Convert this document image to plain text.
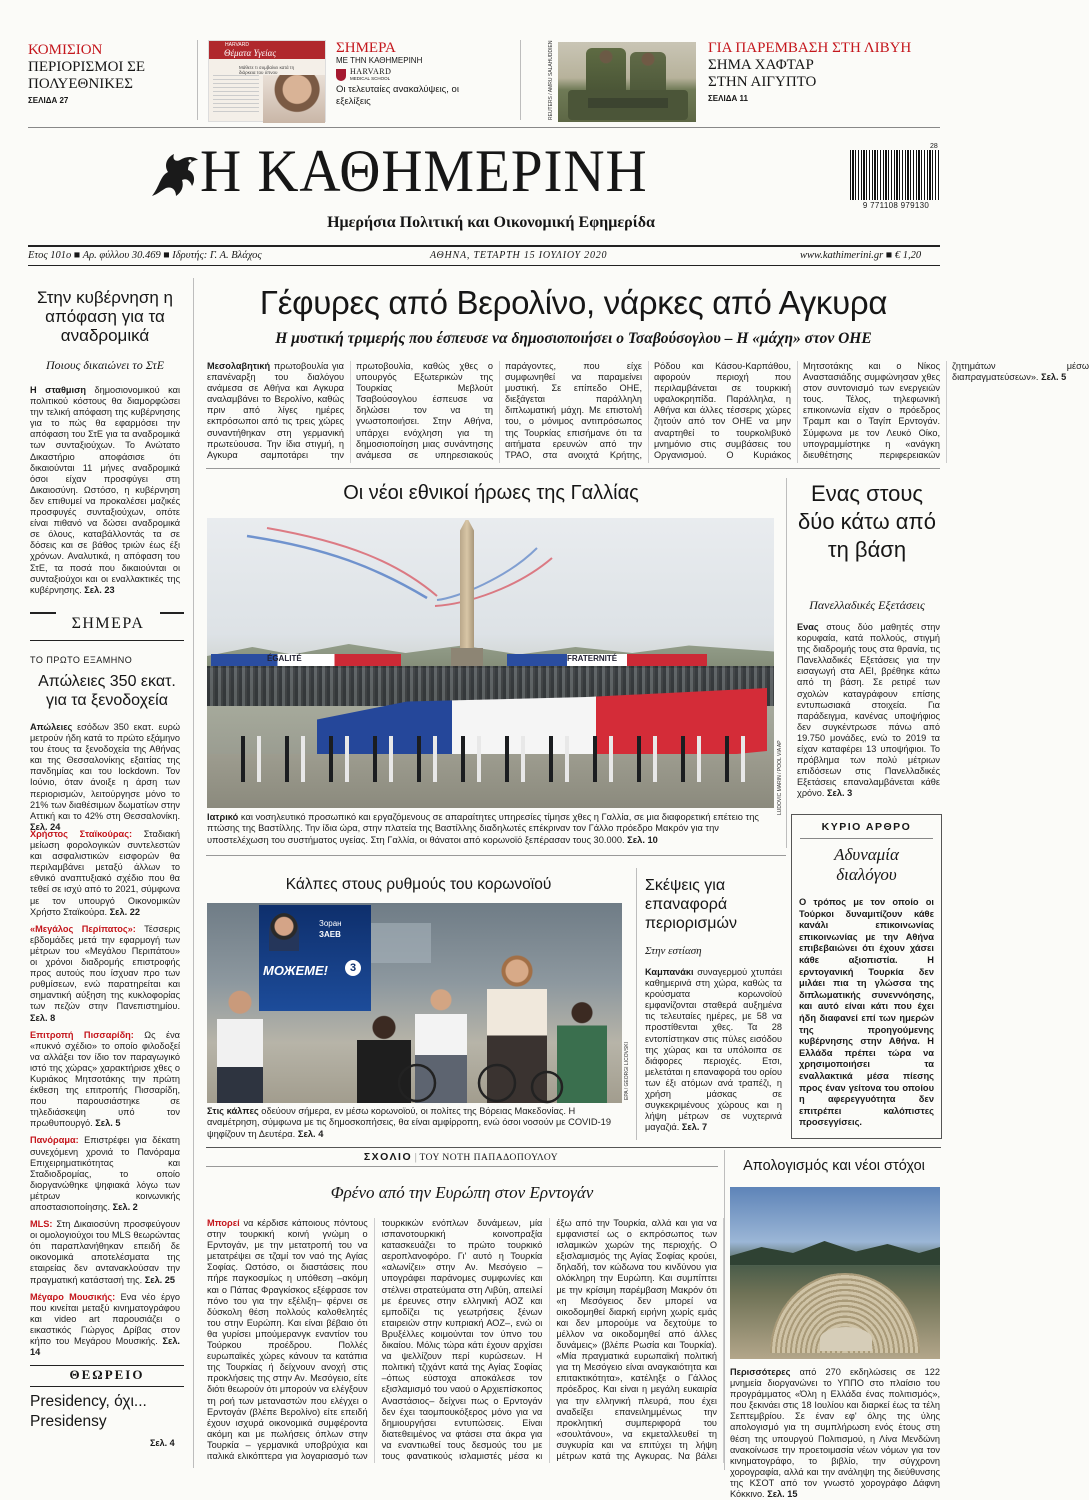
ΚΟΜΙΣΙΟΝ
ΠΕΡΙΟΡΙΣΜΟΙ ΣΕ ΠΟΛΥΕΘΝΙΚΕΣ
ΣΕΛΙΔΑ 27
HARVARD
Θέματα Υγείας
Μάθετε τι συμβαίνει κατά τη διάρκεια του ύπνου
ΣΗΜΕΡΑ
ΜΕ ΤΗΝ ΚΑΘΗΜΕΡΙΝΗ
HARVARD
MEDICAL SCHOOL
Οι τελευταίες ανακαλύψεις, οι εξελίξεις	REUTERS / AMRU SALAHUDDIEN	ΓΙΑ ΠΑΡΕΜΒΑΣΗ ΣΤΗ ΛΙΒΥΗ
ΣΗΜΑ ΧΑΦΤΑΡ ΣΤΗΝ ΑΙΓΥΠΤΟ
ΣΕΛΙΔΑ 11
Η ΚΑΘΗΜΕΡΙΝΗ
Ημερήσια Πολιτική και Οικονομική Εφημερίδα
28
9 771108 979130
Ετος 101ο ■ Αρ. φύλλου 30.469 ■ Ιδρυτής: Γ. Α. Βλάχος	ΑΘΗΝΑ, ΤΕΤΑΡΤΗ 15 ΙΟΥΛΙΟΥ 2020	www.kathimerini.gr ■ € 1,20
Στην κυβέρνηση η απόφαση για τα αναδρομικά
Ποιους δικαιώνει το ΣτΕ
Η σταθμιση δημοσιονομικού και πολιτικού κόστους θα διαμορφώσει την τελική απόφαση της κυβέρνησης για το πώς θα εφαρμόσει την απόφαση του ΣτΕ για τα αναδρομικά των συνταξιούχων. Το Ανώτατο Δικαστήριο αποφάσισε ότι δικαιούνται 11 μήνες αναδρομικά όσοι είχαν προσφύγει στη Δικαιοσύνη. Ωστόσο, η κυβέρνηση δεν επιθυμεί να προκαλέσει μαζικές προσφυγές συνταξιούχων, οπότε είναι πιθανό να δώσει αναδρομικά σε όλους, καταβάλλοντάς τα σε δόσεις και σε βάθος τριών έως έξι χρόνων. Αναλυτικά, η απόφαση του ΣτΕ, τα ποσά που δικαιούνται οι συνταξιούχοι και οι εναλλακτικές της κυβέρνησης. Σελ. 23
ΣΗΜΕΡΑ
ΤΟ ΠΡΩΤΟ ΕΞΑΜΗΝΟ
Απώλειες 350 εκατ. για τα ξενοδοχεία
Απώλειες εσόδων 350 εκατ. ευρώ μετρούν ήδη κατά το πρώτο εξάμηνο του έτους τα ξενοδοχεία της Αθήνας και της Θεσσαλονίκης εξαιτίας της πανδημίας και του lockdown. Τον Ιούνιο, όταν άνοιξε η άρση των περιορισμών, λειτούργησε μόνο το 21% των διαθέσιμων δωματίων στην Αττική και το 42% στη Θεσσαλονίκη. Σελ. 24
Χρήστος Σταϊκούρας: Σταδιακή μείωση φορολογικών συντελεστών και ασφαλιστικών εισφορών θα περιλαμβάνει μεταξύ άλλων το εθνικό αναπτυξιακό σχέδιο που θα τεθεί σε ισχύ από το 2021, σύμφωνα με τον υπουργό Οικονομικών Χρήστο Σταϊκούρα. Σελ. 22
«Μεγάλος Περίπατος»: Τέσσερις εβδομάδες μετά την εφαρμογή των μέτρων του «Μεγάλου Περιπάτου» οι χρόνοι διαδρομής επιστροφής προς αυτούς που ίσχυαν προ των ρυθμίσεων, ενώ παρατηρείται και σημαντική αύξηση της κυκλοφορίας των πεζών στην Πανεπιστημίου. Σελ. 8
Επιτροπή Πισσαρίδη: Ως ένα «πυκνό σχέδιο» το οποίο φιλοδοξεί να αλλάξει τον ίδιο τον παραγωγικό ιστό της χώρας» χαρακτήρισε χθες ο Κυριάκος Μητσοτάκης την πρώτη έκθεση της επιτροπής Πισσαρίδη, που παρουσιάστηκε σε τηλεδιάσκεψη υπό τον πρωθυπουργό. Σελ. 5
Πανόραμα: Επιστρέφει για δέκατη συνεχόμενη χρονιά το Πανόραμα Επιχειρηματικότητας και Σταδιοδρομίας, το οποίο διοργανώθηκε ψηφιακά λόγω των μέτρων κοινωνικής αποστασιοποίησης. Σελ. 2
MLS: Στη Δικαιοσύνη προσφεύγουν οι ομολογιούχοι του MLS θεωρώντας ότι παραπλανήθηκαν επειδή δε οικονομικά αποτελέσματα της εταιρείας δεν αντανακλούσαν την πραγματική κατάστασή της. Σελ. 25
Μέγαρο Μουσικής: Ενα νέο έργο που κινείται μεταξύ κινηματογράφου και video art παρουσιάζει ο εικαστικός Γιώργος Δρίβας στον κήπο του Μεγάρου Μουσικής. Σελ. 14
ΘΕΩΡΕΙΟ
Presidency, όχι... Presidensy
Σελ. 4
Γέφυρες από Βερολίνο, νάρκες από Αγκυρα
Η μυστική τριμερής που έσπευσε να δημοσιοποιήσει ο Τσαβούσογλου – Η «μάχη» στον ΟΗΕ
Μεσολαβητική πρωτοβουλία για επανέναρξη του διαλόγου ανάμεσα σε Αθήνα και Αγκυρα αναλαμβάνει το Βερολίνο, καθώς πριν από λίγες ημέρες εκπρόσωποι από τις τρεις χώρες συναντήθηκαν στη γερμανική πρωτεύουσα. Την ίδια στιγμή, η Αγκυρα σαμποτάρει την πρωτοβουλία, καθώς χθες ο υπουργός Εξωτερικών της Τουρκίας Μεβλούτ Τσαβούσογλου έσπευσε να δηλώσει τον να τη γνωστοποιήσει. Στην Αθήνα, υπάρχει ενόχληση για τη δημοσιοποίηση μιας συνάντησης ανάμεσα σε υπηρεσιακούς παράγοντες, που είχε συμφωνηθεί να παραμείνει μυστική. Σε επίπεδο ΟΗΕ, διεξάγεται παράλληλη διπλωματική μάχη. Με επιστολή του, ο μόνιμος αντιπρόσωπος της Τουρκίας επισήμανε ότι τα αιτήματα ερευνών από την ΤΡΑΟ, στα ανοιχτά Κρήτης, Ρόδου και Κάσου-Καρπάθου, αφορούν περιοχή που περιλαμβάνεται σε τουρκική υφαλοκρηπίδα. Παράλληλα, η Αθήνα και άλλες τέσσερις χώρες ζητούν από τον ΟΗΕ να μην αναρτηθεί το τουρκολιβυκό μνημόνιο στις συμβάσεις του Οργανισμού. Ο Κυριάκος Μητσοτάκης και ο Νίκος Αναστασιάδης συμφώνησαν χθες στον συντονισμό των ενεργειών τους. Τέλος, τηλεφωνική επικοινωνία είχαν ο πρόεδρος Τραμπ και ο Ταγίπ Ερντογάν. Σύμφωνα με τον Λευκό Οίκο, υπογραμμίστηκε η «ανάγκη διευθέτησης περιφερειακών ζητημάτων μέσω διαπραγματεύσεων». Σελ. 5
Οι νέοι εθνικοί ήρωες της Γαλλίας
ÉGALITÉ	FRATERNITÉ
LUDOVIC MARIN / POOL VIA AP
Ιατρικό και νοσηλευτικό προσωπικό και εργαζόμενους σε απαραίτητες υπηρεσίες τίμησε χθες η Γαλλία, σε μια διαφορετική επέτειο της πτώσης της Βαστίλλης. Την ίδια ώρα, στην πλατεία της Βαστίλλης διαδηλωτές επέκριναν τον Γάλλο πρόεδρο Μακρόν για την υποστελέχωση του συστήματος υγείας. Στη Γαλλία, οι θάνατοι από κορωνοϊό ξεπέρασαν τους 30.000. Σελ. 10
Ενας στους δύο κάτω από τη βάση
Πανελλαδικές Εξετάσεις
Ενας στους δύο μαθητές στην κορυφαία, κατά πολλούς, στιγμή της διαδρομής τους στα θρανία, τις Πανελλαδικές Εξετάσεις για την εισαγωγή στα ΑΕΙ, βρέθηκε κάτω από τη βάση. Σε ρετιρέ των σχολών καταγράφουν επίσης εντυπωσιακά στοιχεία. Για παράδειγμα, κανένας υποψήφιος δεν συγκέντρωσε πάνω από 19.750 μονάδες, ενώ το 2019 τα είχαν καταφέρει 13 υποψήφιοι. Το πρόβλημα των πολύ μέτριων επιδόσεων στις Πανελλαδικές Εξετάσεις επαναλαμβάνεται κάθε χρόνο. Σελ. 3
ΚΥΡΙΟ ΑΡΘΡΟ
Αδυναμία διαλόγου
Ο τρόπος με τον οποίο οι Τούρκοι δυναμιτίζουν κάθε κανάλι επικοινωνίας επικοινωνίας με την Αθήνα επιβεβαιώνει ότι έχουν χάσει κάθε αξιοπιστία. Η ερντογανική Τουρκία δεν μιλάει πια τη γλώσσα της διπλωματικής συνεννόησης, και αυτό είναι κάτι που έχει ήδη διαφανεί επί των ημερών της προηγούμενης κυβέρνησης στην Αθήνα. Η Ελλάδα πρέπει τώρα να χρησιμοποιήσει τα εναλλακτικά μέσα πίεσης προς έναν γείτονα του οποίου η αφερεγγυότητα δεν επιτρέπει καλόπιστες προσεγγίσεις.
Κάλπες στους ρυθμούς του κορωνοϊού
Зоран
ЗАЕВ
МОЖЕМЕ!	3
EPA / GEORGI LICOVSKI
Στις κάλπες οδεύουν σήμερα, εν μέσω κορωνοϊού, οι πολίτες της Βόρειας Μακεδονίας. Η αναμέτρηση, σύμφωνα με τις δημοσκοπήσεις, θα είναι αμφίρροπη, ενώ όσοι νοσούν με COVID-19 ψηφίζουν τη Δευτέρα. Σελ. 4
Σκέψεις για επαναφορά περιορισμών
Στην εστίαση
Καμπανάκι συναγερμού χτυπάει καθημερινά στη χώρα, καθώς τα κρούσματα κορωνοϊού εμφανίζονται σταθερά αυξημένα τις τελευταίες ημέρες, με 58 να προστίθενται χθες. Τα 28 εντοπίστηκαν στις πύλες εισόδου της χώρας και τα υπόλοιπα σε διάφορες περιοχές. Ετσι, μελετάται η επαναφορά του ορίου των έξι ατόμων ανά τραπέζι, η χρήση μάσκας σε συγκεκριμένους χώρους και η λήψη μέτρων σε νυχτερινά μαγαζιά. Σελ. 7
ΣΧΟΛΙΟ | ΤΟΥ ΝΟΤΗ ΠΑΠΑΔΟΠΟΥΛΟΥ
Φρένο από την Ευρώπη στον Ερντογάν
Μπορεί να κέρδισε κάποιους πόντους στην τουρκική κοινή γνώμη ο Ερντογάν, με την μετατροπή του να μετατρέψει σε τζαμί τον ναό της Αγίας Σοφίας. Ωστόσο, οι διαστάσεις που πήρε παγκοσμίως η υπόθεση –ακόμη και ο Πάπας Φραγκίσκος εξέφρασε τον πόνο του για την εξέλιξη– φέρνει σε δύσκολη θέση πολλούς καλοθελητές του στην Ευρώπη. Και είναι βέβαιο ότι θα γυρίσει μπούμερανγκ εναντίον του Τούρκου προέδρου. Πολλές ευρωπαϊκές χώρες κάνουν τα κατάπια της Τουρκίας ή δείχνουν ανοχή στις προκλήσεις της στην Αν. Μεσόγειο, είτε διότι θεωρούν ότι μπορούν να ελέγξουν τη ροή των μεταναστών που ελέγχει ο Ερντογάν (βλέπε Βερολίνο) είτε επειδή έχουν ισχυρά οικονομικά συμφέροντα ακόμη και με πωλήσεις όπλων στην Τουρκία – γερμανικά υποβρύχια και ιταλικά ελικόπτερα για λογαριασμό των τουρκικών ενόπλων δυνάμεων, μία ισπανοτουρκική κοινοπραξία κατασκευάζει το πρώτο τουρκικό αεροπλανοφόρο. Γι' αυτό η Τουρκία «αλωνίζει» στην Αν. Μεσόγειο –υπογράφει παράνομες συμφωνίες και στέλνει στρατεύματα στη Λιβύη, απειλεί με έρευνες στην ελληνική ΑΟΖ και εμποδίζει τις γεωτρήσεις ξένων εταιρειών στην κυπριακή ΑΟΖ–, ενώ οι Βρυξέλλες κοιμούνται τον ύπνο του δικαίου. Μόλις τώρα κάτι έχουν αρχίσει να ψελλίζουν περί κυρώσεων. Η πολιτική τζιχάντ κατά της Αγίας Σοφίας –όπως εύστοχα αποκάλεσε τον εξισλαμισμό του ναού ο Αρχιεπίσκοπος Αναστάσιος– δείχνει πως ο Ερντογάν δεν έχει ταομπουκόξερος μόνο για να δημιουργήσει εντυπώσεις. Είναι διατεθειμένος να φτάσει στα άκρα για να εναντιωθεί τους δεσμούς του με τους φανατικούς ισλαμιστές μέσα κι έξω από την Τουρκία, αλλά και για να εμφανιστεί ως ο εκπρόσωπος των ισλαμικών χωρών της περιοχής. Ο εξισλαμισμός της Αγίας Σοφίας κρούει, δηλαδή, τον κώδωνα του κινδύνου για ολόκληρη την Ευρώπη. Και συμπίπτει με την κρίσιμη παρέμβαση Μακρόν ότι «η Μεσόγειος δεν μπορεί να οικοδομηθεί διαρκή ειρήνη χωρίς εμάς και δεν μπορούμε να δεχτούμε το μέλλον να οικοδομηθεί από άλλες δυνάμεις» (βλέπε Ρωσία και Τουρκία). «Μία πραγματικά ευρωπαϊκή πολιτική για τη Μεσόγειο είναι αναγκαιότητα και επιτακτικότητα», κατέληξε ο Γάλλος πρόεδρος. Και είναι η μεγάλη ευκαιρία για την ελληνική πλευρά, που έχει αναδείξει επανειλημμένως την προκλητική συμπεριφορά του «σουλτάνου», να εκμεταλλευθεί τη συγκυρία και να επιτύχει τη λήψη μέτρων κατά της Αγκυρας. Να βάλει
Απολογισμός και νέοι στόχοι
Περισσότερες από 270 εκδηλώσεις σε 122 μνημεία διοργανώνει το ΥΠΠΟ στο πλαίσιο του προγράμματος «Όλη η Ελλάδα ένας πολιτισμός», που ξεκινάει στις 18 Ιουλίου και διαρκεί έως τα τέλη Σεπτεμβρίου. Σε έναν εφ' όλης της ύλης απολογισμό για τη συμπλήρωση ενός έτους στη θέση της υπουργού Πολιτισμού, η Λίνα Μενδώνη ανακοίνωσε την προετοιμασία νέων νόμων για τον κινηματογράφο, το βιβλίο, την σύγχρονη χορογραφία, αλλά και την ανάληψη της διεύθυνσης της ΚΣΟΤ από τον γνωστό χορογράφο Δάφνη Κόκκινο. Σελ. 15
